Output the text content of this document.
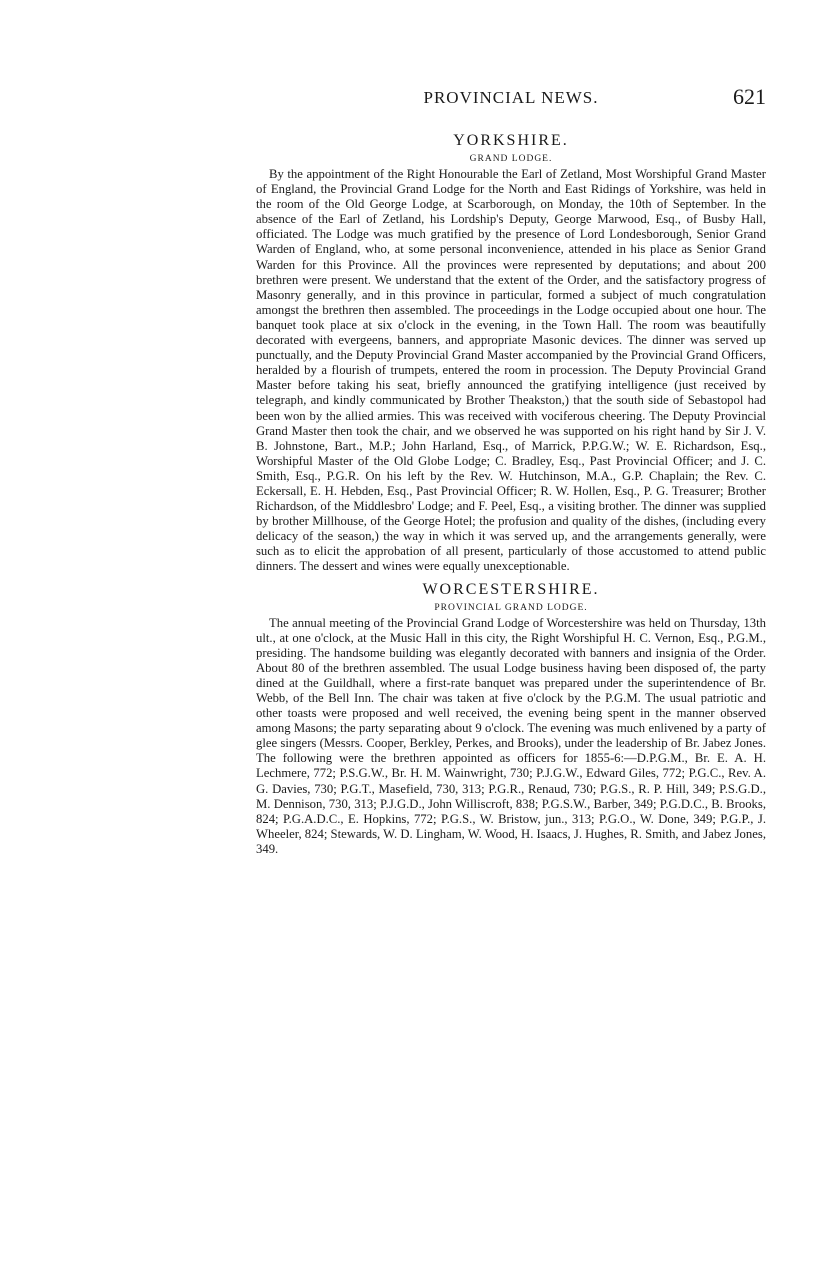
PROVINCIAL NEWS.	621
YORKSHIRE.
GRAND LODGE.

By the appointment of the Right Honourable the Earl of Zetland, Most Worshipful Grand Master of England, the Provincial Grand Lodge for the North and East Ridings of Yorkshire, was held in the room of the Old George Lodge, at Scarborough, on Monday, the 10th of September. In the absence of the Earl of Zetland, his Lordship's Deputy, George Marwood, Esq., of Busby Hall, officiated. The Lodge was much gratified by the presence of Lord Londesborough, Senior Grand Warden of England, who, at some personal inconvenience, attended in his place as Senior Grand Warden for this Province. All the provinces were represented by deputations; and about 200 brethren were present. We understand that the extent of the Order, and the satisfactory progress of Masonry generally, and in this province in particular, formed a subject of much congratulation amongst the brethren then assembled. The proceedings in the Lodge occupied about one hour. The banquet took place at six o'clock in the evening, in the Town Hall. The room was beautifully decorated with evergeens, banners, and appropriate Masonic devices. The dinner was served up punctually, and the Deputy Provincial Grand Master accompanied by the Provincial Grand Officers, heralded by a flourish of trumpets, entered the room in procession. The Deputy Provincial Grand Master before taking his seat, briefly announced the gratifying intelligence (just received by telegraph, and kindly communicated by Brother Theakston,) that the south side of Sebastopol had been won by the allied armies. This was received with vociferous cheering. The Deputy Provincial Grand Master then took the chair, and we observed he was supported on his right hand by Sir J. V. B. Johnstone, Bart., M.P.; John Harland, Esq., of Marrick, P.P.G.W.; W. E. Richardson, Esq., Worshipful Master of the Old Globe Lodge; C. Bradley, Esq., Past Provincial Officer; and J. C. Smith, Esq., P.G.R. On his left by the Rev. W. Hutchinson, M.A., G.P. Chaplain; the Rev. C. Eckersall, E. H. Hebden, Esq., Past Provincial Officer; R. W. Hollen, Esq., P. G. Treasurer; Brother Richardson, of the Middlesbro' Lodge; and F. Peel, Esq., a visiting brother. The dinner was supplied by brother Millhouse, of the George Hotel; the profusion and quality of the dishes, (including every delicacy of the season,) the way in which it was served up, and the arrangements generally, were such as to elicit the approbation of all present, particularly of those accustomed to attend public dinners. The dessert and wines were equally unexceptionable.

WORCESTERSHIRE.
PROVINCIAL GRAND LODGE.

The annual meeting of the Provincial Grand Lodge of Worcestershire was held on Thursday, 13th ult., at one o'clock, at the Music Hall in this city, the Right Worshipful H. C. Vernon, Esq., P.G.M., presiding. The handsome building was elegantly decorated with banners and insignia of the Order. About 80 of the brethren assembled. The usual Lodge business having been disposed of, the party dined at the Guildhall, where a first-rate banquet was prepared under the superintendence of Br. Webb, of the Bell Inn. The chair was taken at five o'clock by the P.G.M. The usual patriotic and other toasts were proposed and well received, the evening being spent in the manner observed among Masons; the party separating about 9 o'clock. The evening was much enlivened by a party of glee singers (Messrs. Cooper, Berkley, Perkes, and Brooks), under the leadership of Br. Jabez Jones. The following were the brethren appointed as officers for 1855-6:—D.P.G.M., Br. E. A. H. Lechmere, 772; P.S.G.W., Br. H. M. Wainwright, 730; P.J.G.W., Edward Giles, 772; P.G.C., Rev. A. G. Davies, 730; P.G.T., Masefield, 730, 313; P.G.R., Renaud, 730; P.G.S., R. P. Hill, 349; P.S.G.D., M. Dennison, 730, 313; P.J.G.D., John Williscroft, 838; P.G.S.W., Barber, 349; P.G.D.C., B. Brooks, 824; P.G.A.D.C., E. Hopkins, 772; P.G.S., W. Bristow, jun., 313; P.G.O., W. Done, 349; P.G.P., J. Wheeler, 824; Stewards, W. D. Lingham, W. Wood, H. Isaacs, J. Hughes, R. Smith, and Jabez Jones, 349.
